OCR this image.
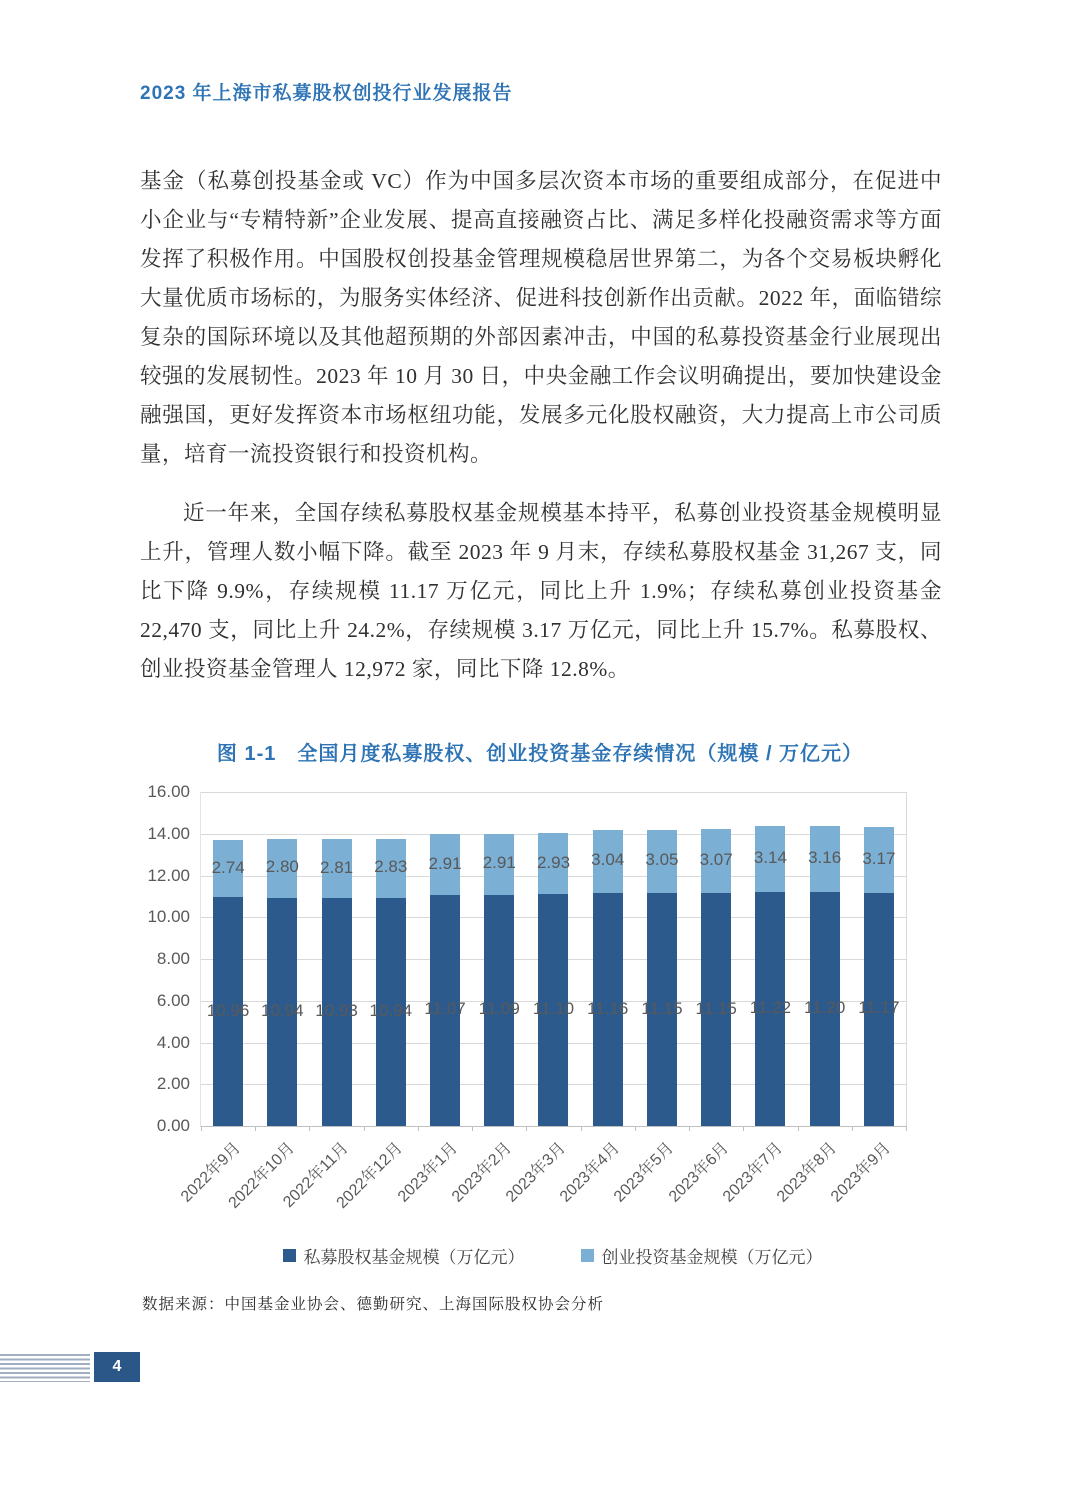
2023 年上海市私募股权创投行业发展报告

基金（私募创投基金或 VC）作为中国多层次资本市场的重要组成部分，在促进中小企业与“专精特新”企业发展、提高直接融资占比、满足多样化投融资需求等方面发挥了积极作用。中国股权创投基金管理规模稳居世界第二，为各个交易板块孵化大量优质市场标的，为服务实体经济、促进科技创新作出贡献。2022 年，面临错综复杂的国际环境以及其他超预期的外部因素冲击，中国的私募投资基金行业展现出较强的发展韧性。2023 年 10 月 30 日，中央金融工作会议明确提出，要加快建设金融强国，更好发挥资本市场枢纽功能，发展多元化股权融资，大力提高上市公司质量，培育一流投资银行和投资机构。

近一年来，全国存续私募股权基金规模基本持平，私募创业投资基金规模明显上升，管理人数小幅下降。截至 2023 年 9 月末，存续私募股权基金 31,267 支，同比下降 9.9%，存续规模 11.17 万亿元，同比上升 1.9%；存续私募创业投资基金 22,470 支，同比上升 24.2%，存续规模 3.17 万亿元，同比上升 15.7%。私募股权、创业投资基金管理人 12,972 家，同比下降 12.8%。

图 1-1　全国月度私募股权、创业投资基金存续情况（规模 / 万亿元）
10.96
2.74
2022年9月
10.94
2.80
2022年10月
10.93
2.81
2022年11月
10.94
2.83
2022年12月
11.07
2.91
2023年1月
11.09
2.91
2023年2月
11.10
2.93
2023年3月
11.16
3.04
2023年4月
11.15
3.05
2023年5月
11.15
3.07
2023年6月
11.22
3.14
2023年7月
11.20
3.16
2023年8月
11.17
3.17
2023年9月
0.00
2.00
4.00
6.00
8.00
10.00
12.00
14.00
16.00
私募股权基金规模（万亿元）	创业投资基金规模（万亿元）
数据来源：中国基金业协会、德勤研究、上海国际股权协会分析
4
